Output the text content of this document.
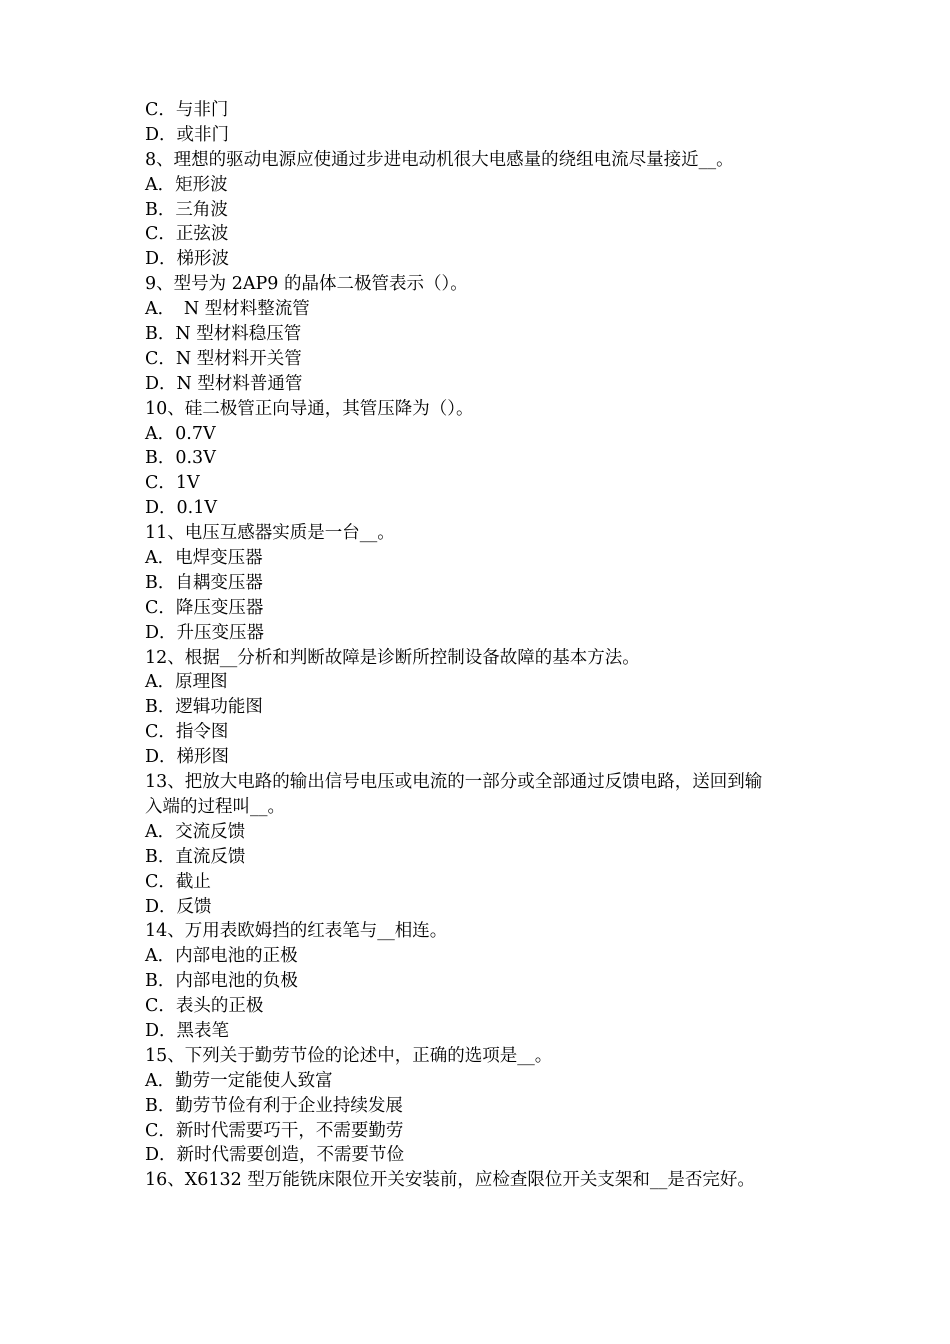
C．与非门
D．或非门
8、理想的驱动电源应使通过步进电动机很大电感量的绕组电流尽量接近__。
A．矩形波
B．三角波
C．正弦波
D．梯形波
9、型号为 2AP9 的晶体二极管表示（）。
A．　N 型材料整流管
B．N 型材料稳压管
C．N 型材料开关管
D．N 型材料普通管
10、硅二极管正向导通，其管压降为（）。
A．0.7V
B．0.3V
C．1V
D．0.1V
11、电压互感器实质是一台__。
A．电焊变压器
B．自耦变压器
C．降压变压器
D．升压变压器
12、根据__分析和判断故障是诊断所控制设备故障的基本方法。
A．原理图
B．逻辑功能图
C．指令图
D．梯形图
13、把放大电路的输出信号电压或电流的一部分或全部通过反馈电路，送回到输
入端的过程叫__。
A．交流反馈
B．直流反馈
C．截止
D．反馈
14、万用表欧姆挡的红表笔与__相连。
A．内部电池的正极
B．内部电池的负极
C．表头的正极
D．黑表笔
15、下列关于勤劳节俭的论述中，正确的选项是__。
A．勤劳一定能使人致富
B．勤劳节俭有利于企业持续发展
C．新时代需要巧干，不需要勤劳
D．新时代需要创造，不需要节俭
16、X6132 型万能铣床限位开关安装前，应检查限位开关支架和__是否完好。
